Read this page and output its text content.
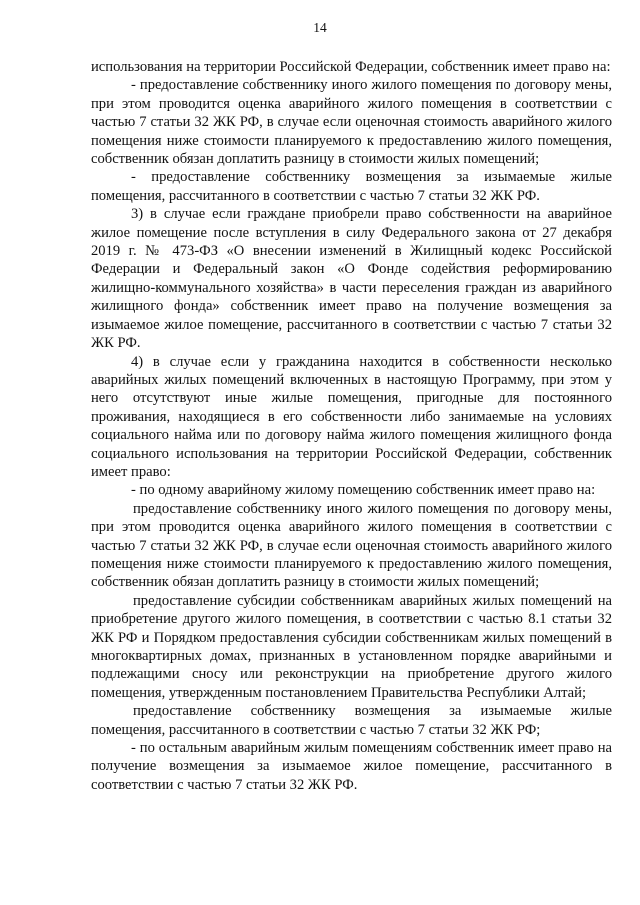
14

использования на территории Российской Федерации, собственник имеет право на:

- предоставление собственнику иного жилого помещения по договору мены, при этом проводится оценка аварийного жилого помещения в соответствии с частью 7 статьи 32 ЖК РФ, в случае если оценочная стоимость аварийного жилого помещения ниже стоимости планируемого к предоставлению жилого помещения, собственник обязан доплатить разницу в стоимости жилых помещений;

- предоставление собственнику возмещения за изымаемые жилые помещения, рассчитанного в соответствии с частью 7 статьи 32 ЖК РФ.

3) в случае если граждане приобрели право собственности на аварийное жилое помещение после вступления в силу Федерального закона от 27 декабря 2019 г. № 473-ФЗ «О внесении изменений в Жилищный кодекс Российской Федерации и Федеральный закон «О Фонде содействия реформированию жилищно-коммунального хозяйства» в части переселения граждан из аварийного жилищного фонда» собственник имеет право на получение возмещения за изымаемое жилое помещение, рассчитанного в соответствии с частью 7 статьи 32 ЖК РФ.

4) в случае если у гражданина находится в собственности несколько аварийных жилых помещений включенных в настоящую Программу, при этом у него отсутствуют иные жилые помещения, пригодные для постоянного проживания, находящиеся в его собственности либо занимаемые на условиях социального найма или по договору найма жилого помещения жилищного фонда социального использования на территории Российской Федерации, собственник имеет право:

- по одному аварийному жилому помещению собственник имеет право на:

предоставление собственнику иного жилого помещения по договору мены, при этом проводится оценка аварийного жилого помещения в соответствии с частью 7 статьи 32 ЖК РФ, в случае если оценочная стоимость аварийного жилого помещения ниже стоимости планируемого к предоставлению жилого помещения, собственник обязан доплатить разницу в стоимости жилых помещений;

предоставление субсидии собственникам аварийных жилых помещений на приобретение другого жилого помещения, в соответствии с частью 8.1 статьи 32 ЖК РФ и Порядком предоставления субсидии собственникам жилых помещений в многоквартирных домах, признанных в установленном порядке аварийными и подлежащими сносу или реконструкции на приобретение другого жилого помещения, утвержденным постановлением Правительства Республики Алтай;

предоставление собственнику возмещения за изымаемые жилые помещения, рассчитанного в соответствии с частью 7 статьи 32 ЖК РФ;

- по остальным аварийным жилым помещениям собственник имеет право на получение возмещения за изымаемое жилое помещение, рассчитанного в соответствии с частью 7 статьи 32 ЖК РФ.
